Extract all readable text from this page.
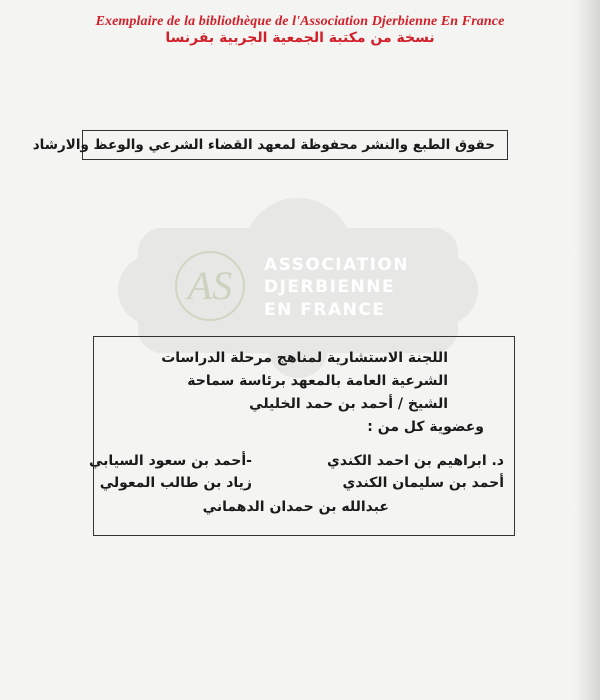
Exemplaire de la bibliothèque de l'Association Djerbienne En France
نسخة من مكتبة الجمعية الجربية بفرنسا
حقوق الطبع والنشر محفوظة لمعهد القضاء الشرعي والوعظ والارشاد
AS ASSOCIATION
DJERBIENNE
EN FRANCE
اللجنة الاستشارية لمناهج مرحلة الدراسات
الشرعية العامة بالمعهد برئاسة سماحة
الشيخ / أحمد بن حمد الخليلي
وعضوية كل من :
د. ابراهيم بن احمد الكندي
-أحمد بن سعود السيابي
أحمد بن سليمان الكندي
زياد بن طالب المعولي
عبدالله بن حمدان الدهماني
